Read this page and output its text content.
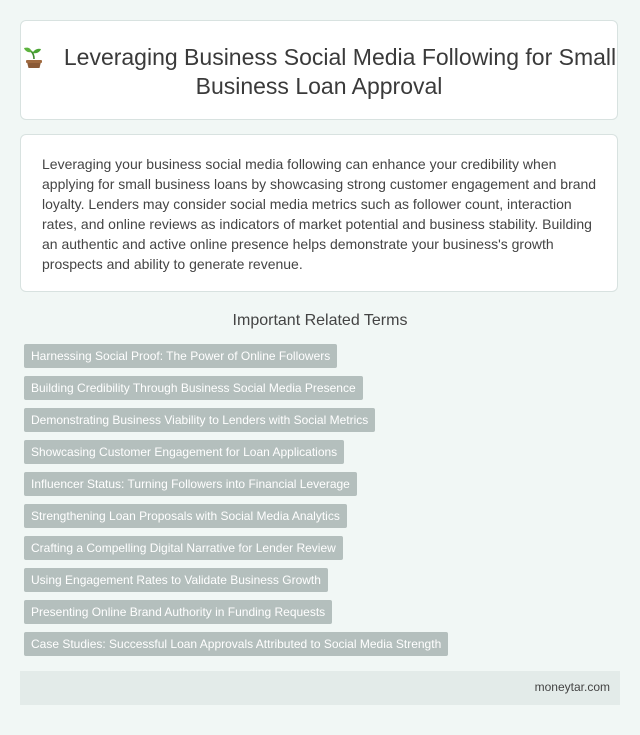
Leveraging Business Social Media Following for Small Business Loan Approval

Leveraging your business social media following can enhance your credibility when applying for small business loans by showcasing strong customer engagement and brand loyalty. Lenders may consider social media metrics such as follower count, interaction rates, and online reviews as indicators of market potential and business stability. Building an authentic and active online presence helps demonstrate your business's growth prospects and ability to generate revenue.

Important Related Terms
Harnessing Social Proof: The Power of Online Followers
Building Credibility Through Business Social Media Presence
Demonstrating Business Viability to Lenders with Social Metrics
Showcasing Customer Engagement for Loan Applications
Influencer Status: Turning Followers into Financial Leverage
Strengthening Loan Proposals with Social Media Analytics
Crafting a Compelling Digital Narrative for Lender Review
Using Engagement Rates to Validate Business Growth
Presenting Online Brand Authority in Funding Requests
Case Studies: Successful Loan Approvals Attributed to Social Media Strength
moneytar.com
